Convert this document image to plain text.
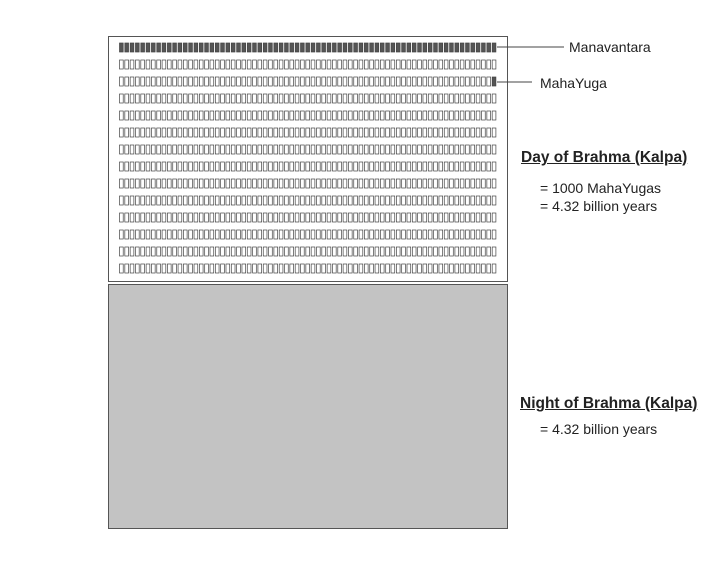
Manavantara
MahaYuga
Day of Brahma (Kalpa)
= 1000 MahaYugas
= 4.32 billion years
Night of Brahma (Kalpa)
= 4.32 billion years
